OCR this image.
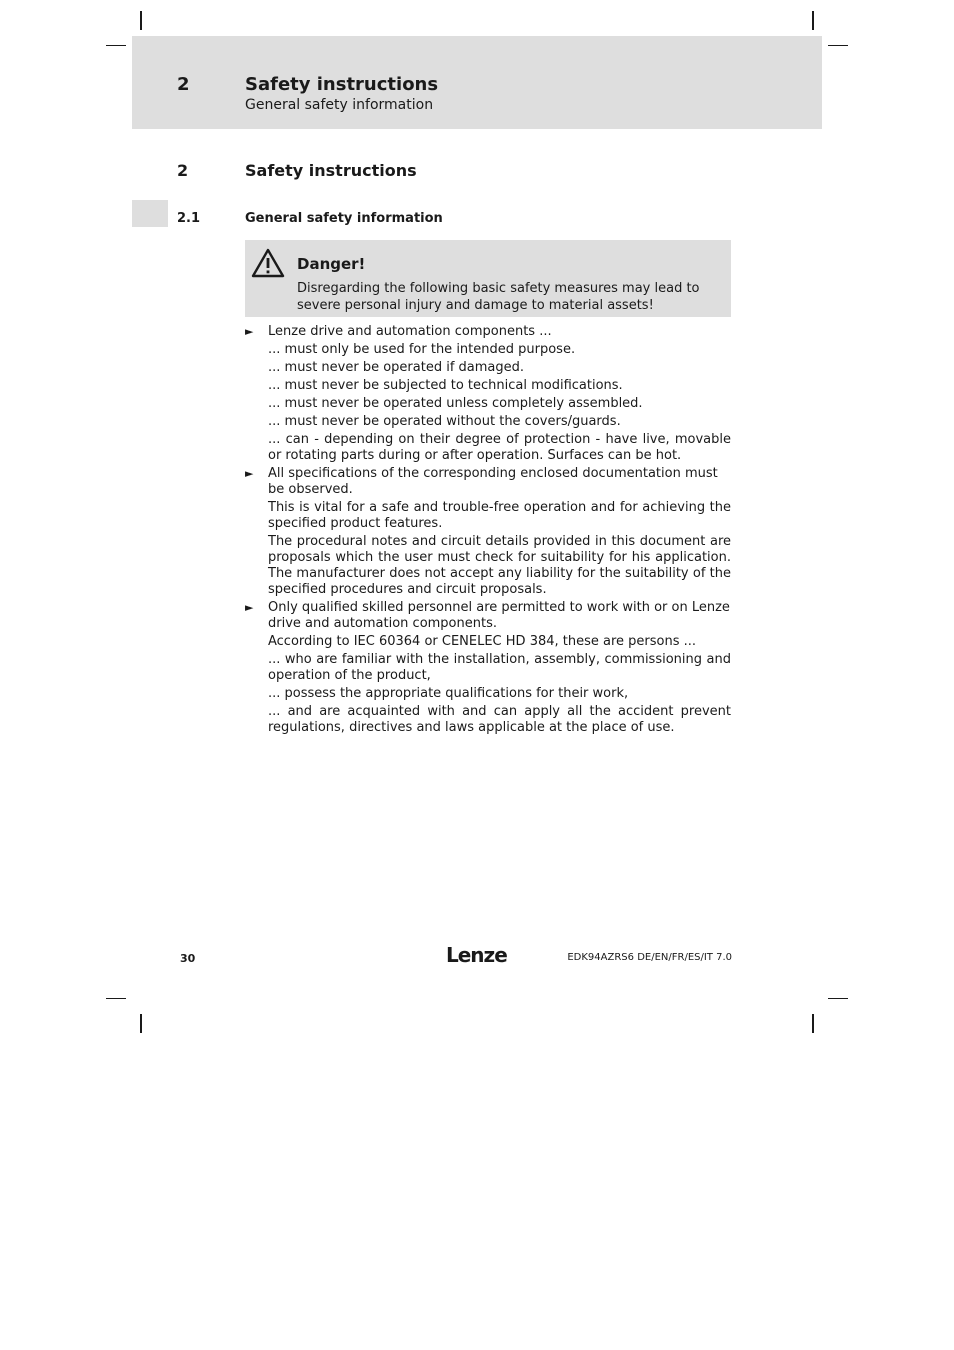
2	Safety instructions
General safety information
2	Safety instructions
2.1	General safety information
Danger!
Disregarding the following basic safety measures may lead to severe personal injury and damage to material assets!
► Lenze drive and automation components ...
... must only be used for the intended purpose.
... must never be operated if damaged.
... must never be subjected to technical modifications.
... must never be operated unless completely assembled.
... must never be operated without the covers/guards.
... can - depending on their degree of protection - have live, movable or rotating parts during or after operation. Surfaces can be hot.
► All specifications of the corresponding enclosed documentation must be observed.
This is vital for a safe and trouble-free operation and for achieving the specified product features.
The procedural notes and circuit details provided in this document are proposals which the user must check for suitability for his application. The manufacturer does not accept any liability for the suitability of the specified procedures and circuit proposals.
► Only qualified skilled personnel are permitted to work with or on Lenze drive and automation components.
According to IEC 60364 or CENELEC HD 384, these are persons ...
... who are familiar with the installation, assembly, commissioning and operation of the product,
... possess the appropriate qualifications for their work,
... and are acquainted with and can apply all the accident prevent regulations, directives and laws applicable at the place of use.
30	Lenze	EDK94AZRS6 DE/EN/FR/ES/IT 7.0
